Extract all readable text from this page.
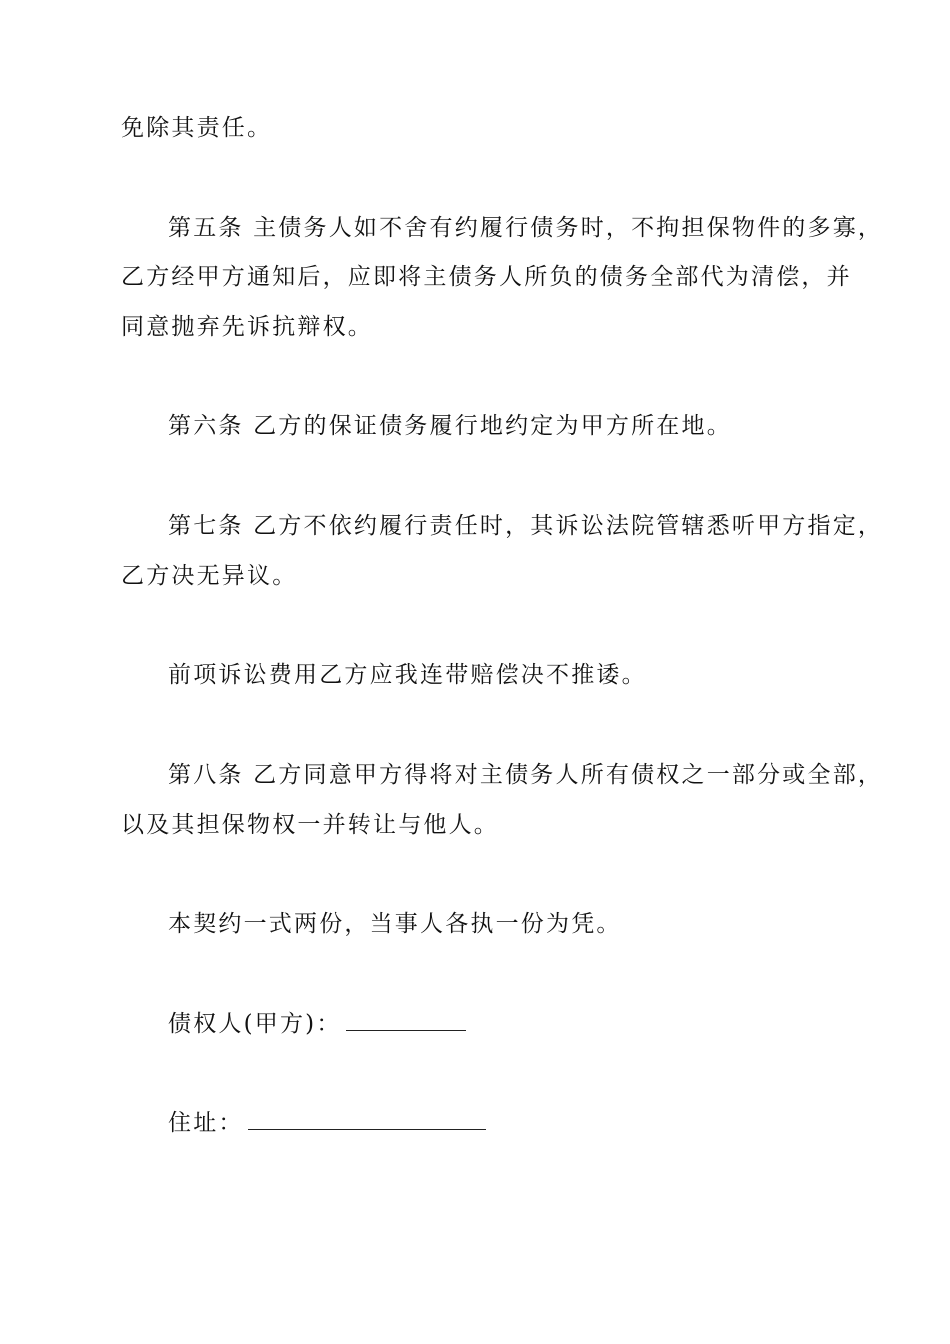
免除其责任。
第五条 主债务人如不舍有约履行债务时，不拘担保物件的多寡，
乙方经甲方通知后，应即将主债务人所负的债务全部代为清偿，并
同意抛弃先诉抗辩权。
第六条 乙方的保证债务履行地约定为甲方所在地。
第七条 乙方不依约履行责任时，其诉讼法院管辖悉听甲方指定，
乙方决无异议。
前项诉讼费用乙方应我连带赔偿决不推诿。
第八条 乙方同意甲方得将对主债务人所有债权之一部分或全部，
以及其担保物权一并转让与他人。
本契约一式两份，当事人各执一份为凭。
债权人(甲方)：
住址：
